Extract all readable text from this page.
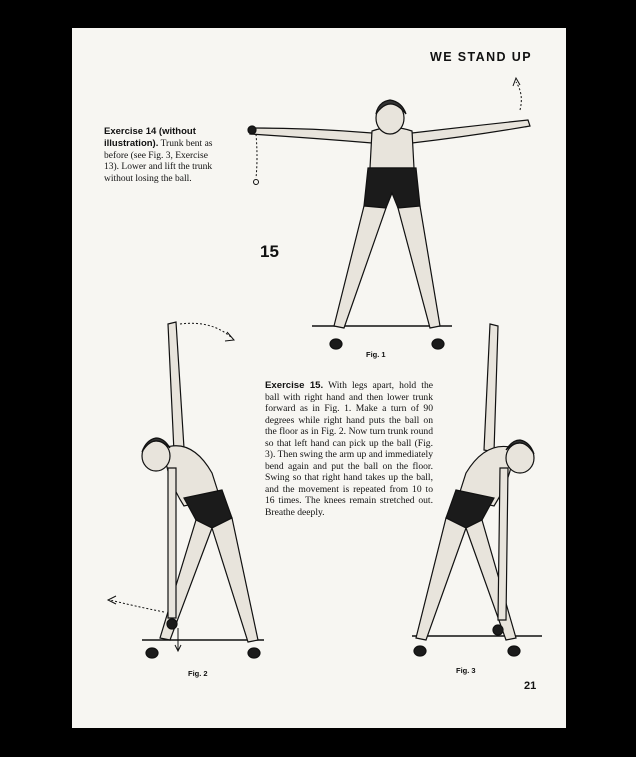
WE STAND UP
Exercise 14 (without illustration). Trunk bent as before (see Fig. 3, Exercise 13). Lower and lift the trunk without losing the ball.
15
Exercise 15. With legs apart, hold the ball with right hand and then lower trunk forward as in Fig. 1. Make a turn of 90 degrees while right hand puts the ball on the floor as in Fig. 2. Now turn trunk round so that left hand can pick up the ball (Fig. 3). Then swing the arm up and immediately bend again and put the ball on the floor. Swing so that right hand takes up the ball, and the movement is repeated from 10 to 16 times. The knees remain stretched out. Breathe deeply.
Fig. 1
Fig. 2	Fig. 3
21
